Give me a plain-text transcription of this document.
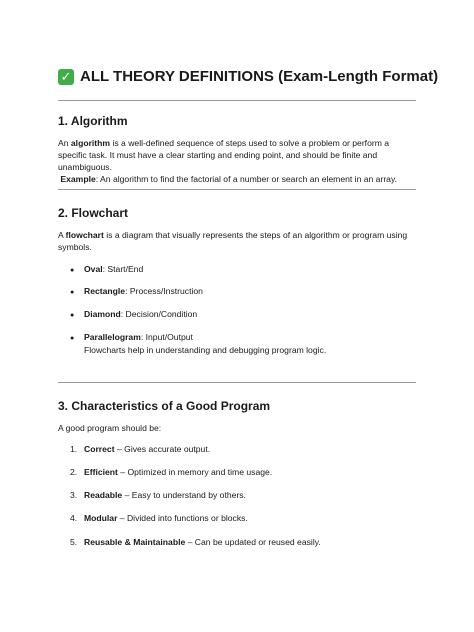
✓ ALL THEORY DEFINITIONS (Exam-Length Format)
1. Algorithm
An algorithm is a well-defined sequence of steps used to solve a problem or perform a specific task. It must have a clear starting and ending point, and should be finite and unambiguous.
Example: An algorithm to find the factorial of a number or search an element in an array.
2. Flowchart
A flowchart is a diagram that visually represents the steps of an algorithm or program using symbols.
● Oval: Start/End
● Rectangle: Process/Instruction
● Diamond: Decision/Condition
● Parallelogram: Input/Output
Flowcharts help in understanding and debugging program logic.
3. Characteristics of a Good Program
A good program should be:
1. Correct – Gives accurate output.
2. Efficient – Optimized in memory and time usage.
3. Readable – Easy to understand by others.
4. Modular – Divided into functions or blocks.
5. Reusable & Maintainable – Can be updated or reused easily.
